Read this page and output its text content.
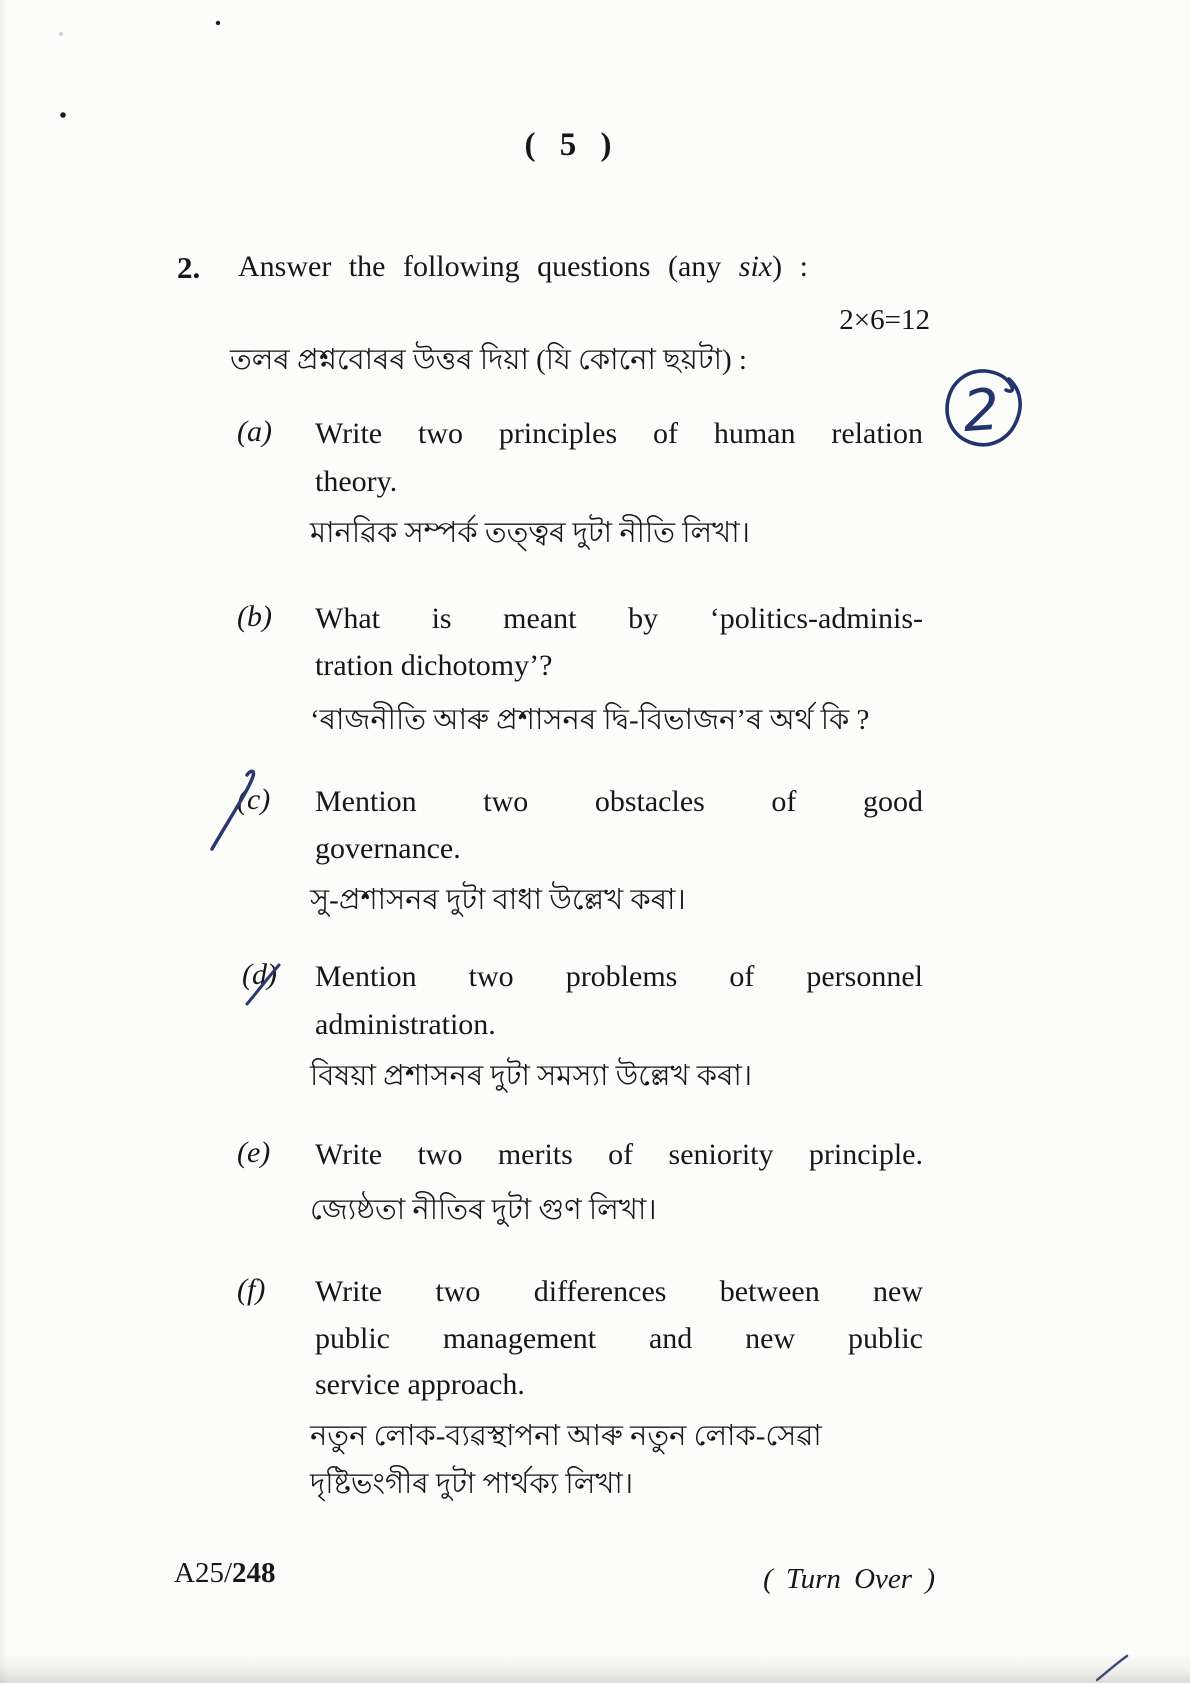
( 5 )
2. Answer the following questions (any six) :
2×6=12
তলৰ প্ৰশ্নবোৰৰ উত্তৰ দিয়া (যি কোনো ছয়টা) :
(a) Write two principles of human relation
theory.
মানৱিক সম্পৰ্ক তত্ত্বৰ দুটা নীতি লিখা।
(b) What is meant by ‘politics-adminis-
tration dichotomy’?
‘ৰাজনীতি আৰু প্ৰশাসনৰ দ্বি-বিভাজন’ৰ অৰ্থ কি ?
(c) Mention two obstacles of good
governance.
সু-প্ৰশাসনৰ দুটা বাধা উল্লেখ কৰা।
(d) Mention two problems of personnel
administration.
বিষয়া প্ৰশাসনৰ দুটা সমস্যা উল্লেখ কৰা।
(e) Write two merits of seniority principle.
জ্যেষ্ঠতা নীতিৰ দুটা গুণ লিখা।
(f) Write two differences between new
public management and new public
service approach.
নতুন লোক-ব্যৱস্থাপনা আৰু নতুন লোক-সেৱা
দৃষ্টিভংগীৰ দুটা পাৰ্থক্য লিখা।
A25/248	( Turn Over )
2
